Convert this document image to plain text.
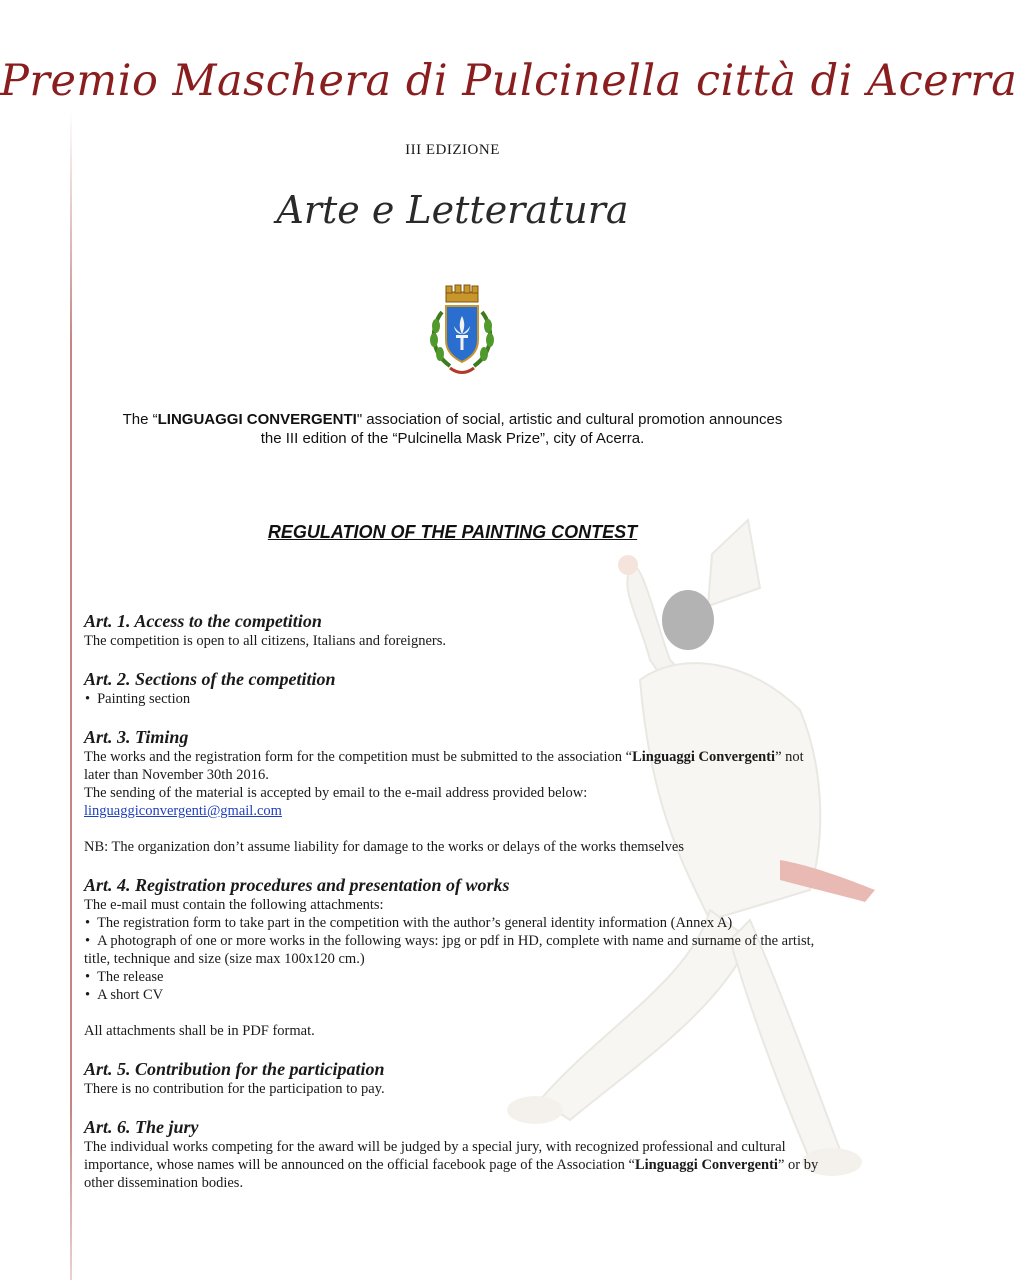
Premio Maschera di Pulcinella città di Acerra
III EDIZIONE
Arte e Letteratura
The “LINGUAGGI CONVERGENTI" association of social, artistic and cultural promotion announces
the III edition of the “Pulcinella Mask Prize”, city of Acerra.
REGULATION OF THE PAINTING CONTEST
Art. 1. Access to the competition

The competition is open to all citizens, Italians and foreigners.

Art. 2. Sections of the competition

• Painting section

Art. 3. Timing

The works and the registration form for the competition must be submitted to the association “Linguaggi Convergenti” not later than November 30th 2016.

The sending of the material is accepted by email to the e-mail address provided below:

linguaggiconvergenti@gmail.com

NB: The organization don’t assume liability for damage to the works or delays of the works themselves

Art. 4. Registration procedures and presentation of works

The e-mail must contain the following attachments:

• The registration form to take part in the competition with the author’s general identity information (Annex A)

• A photograph of one or more works in the following ways: jpg or pdf in HD, complete with name and surname of the artist, title, technique and size (size max 100x120 cm.)

• The release

• A short CV

All attachments shall be in PDF format.

Art. 5. Contribution for the participation

There is no contribution for the participation to pay.

Art. 6. The jury

The individual works competing for the award will be judged by a special jury, with recognized professional and cultural importance, whose names will be announced on the official facebook page of the Association “Linguaggi Convergenti” or by other dissemination bodies.
